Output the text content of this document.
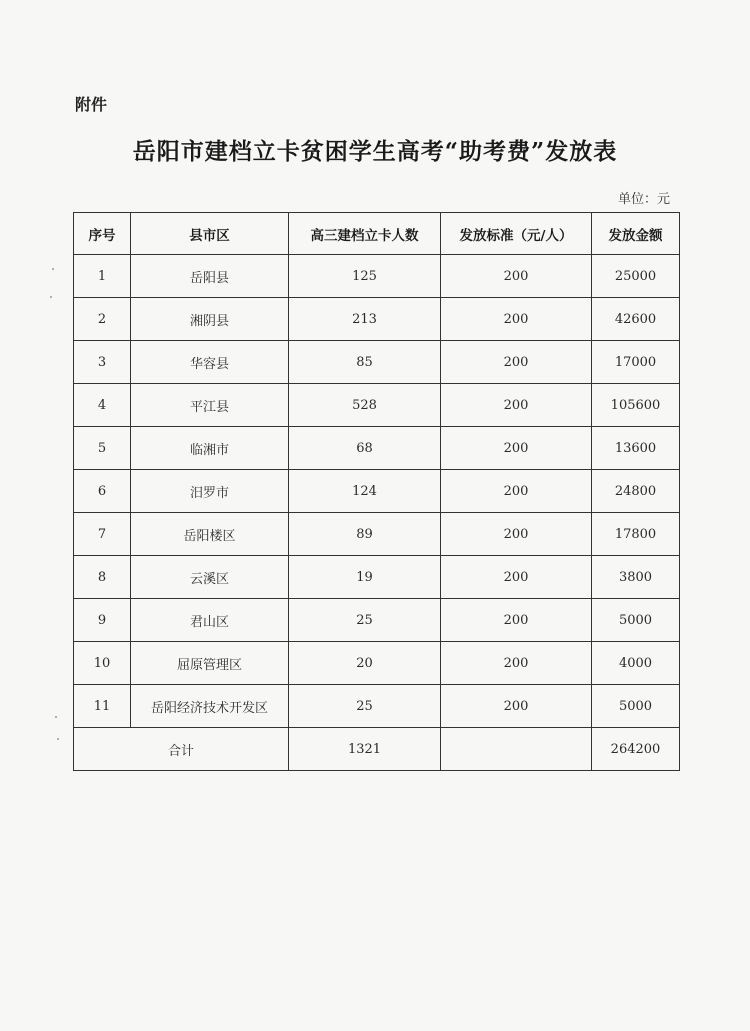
附件
岳阳市建档立卡贫困学生高考“助考费”发放表
单位：元
序号	县市区	高三建档立卡人数	发放标准（元/人）	发放金额
1	岳阳县	125	200	25000
2	湘阴县	213	200	42600
3	华容县	85	200	17000
4	平江县	528	200	105600
5	临湘市	68	200	13600
6	汨罗市	124	200	24800
7	岳阳楼区	89	200	17800
8	云溪区	19	200	3800
9	君山区	25	200	5000
10	屈原管理区	20	200	4000
11	岳阳经济技术开发区	25	200	5000
合计		1321		264200
